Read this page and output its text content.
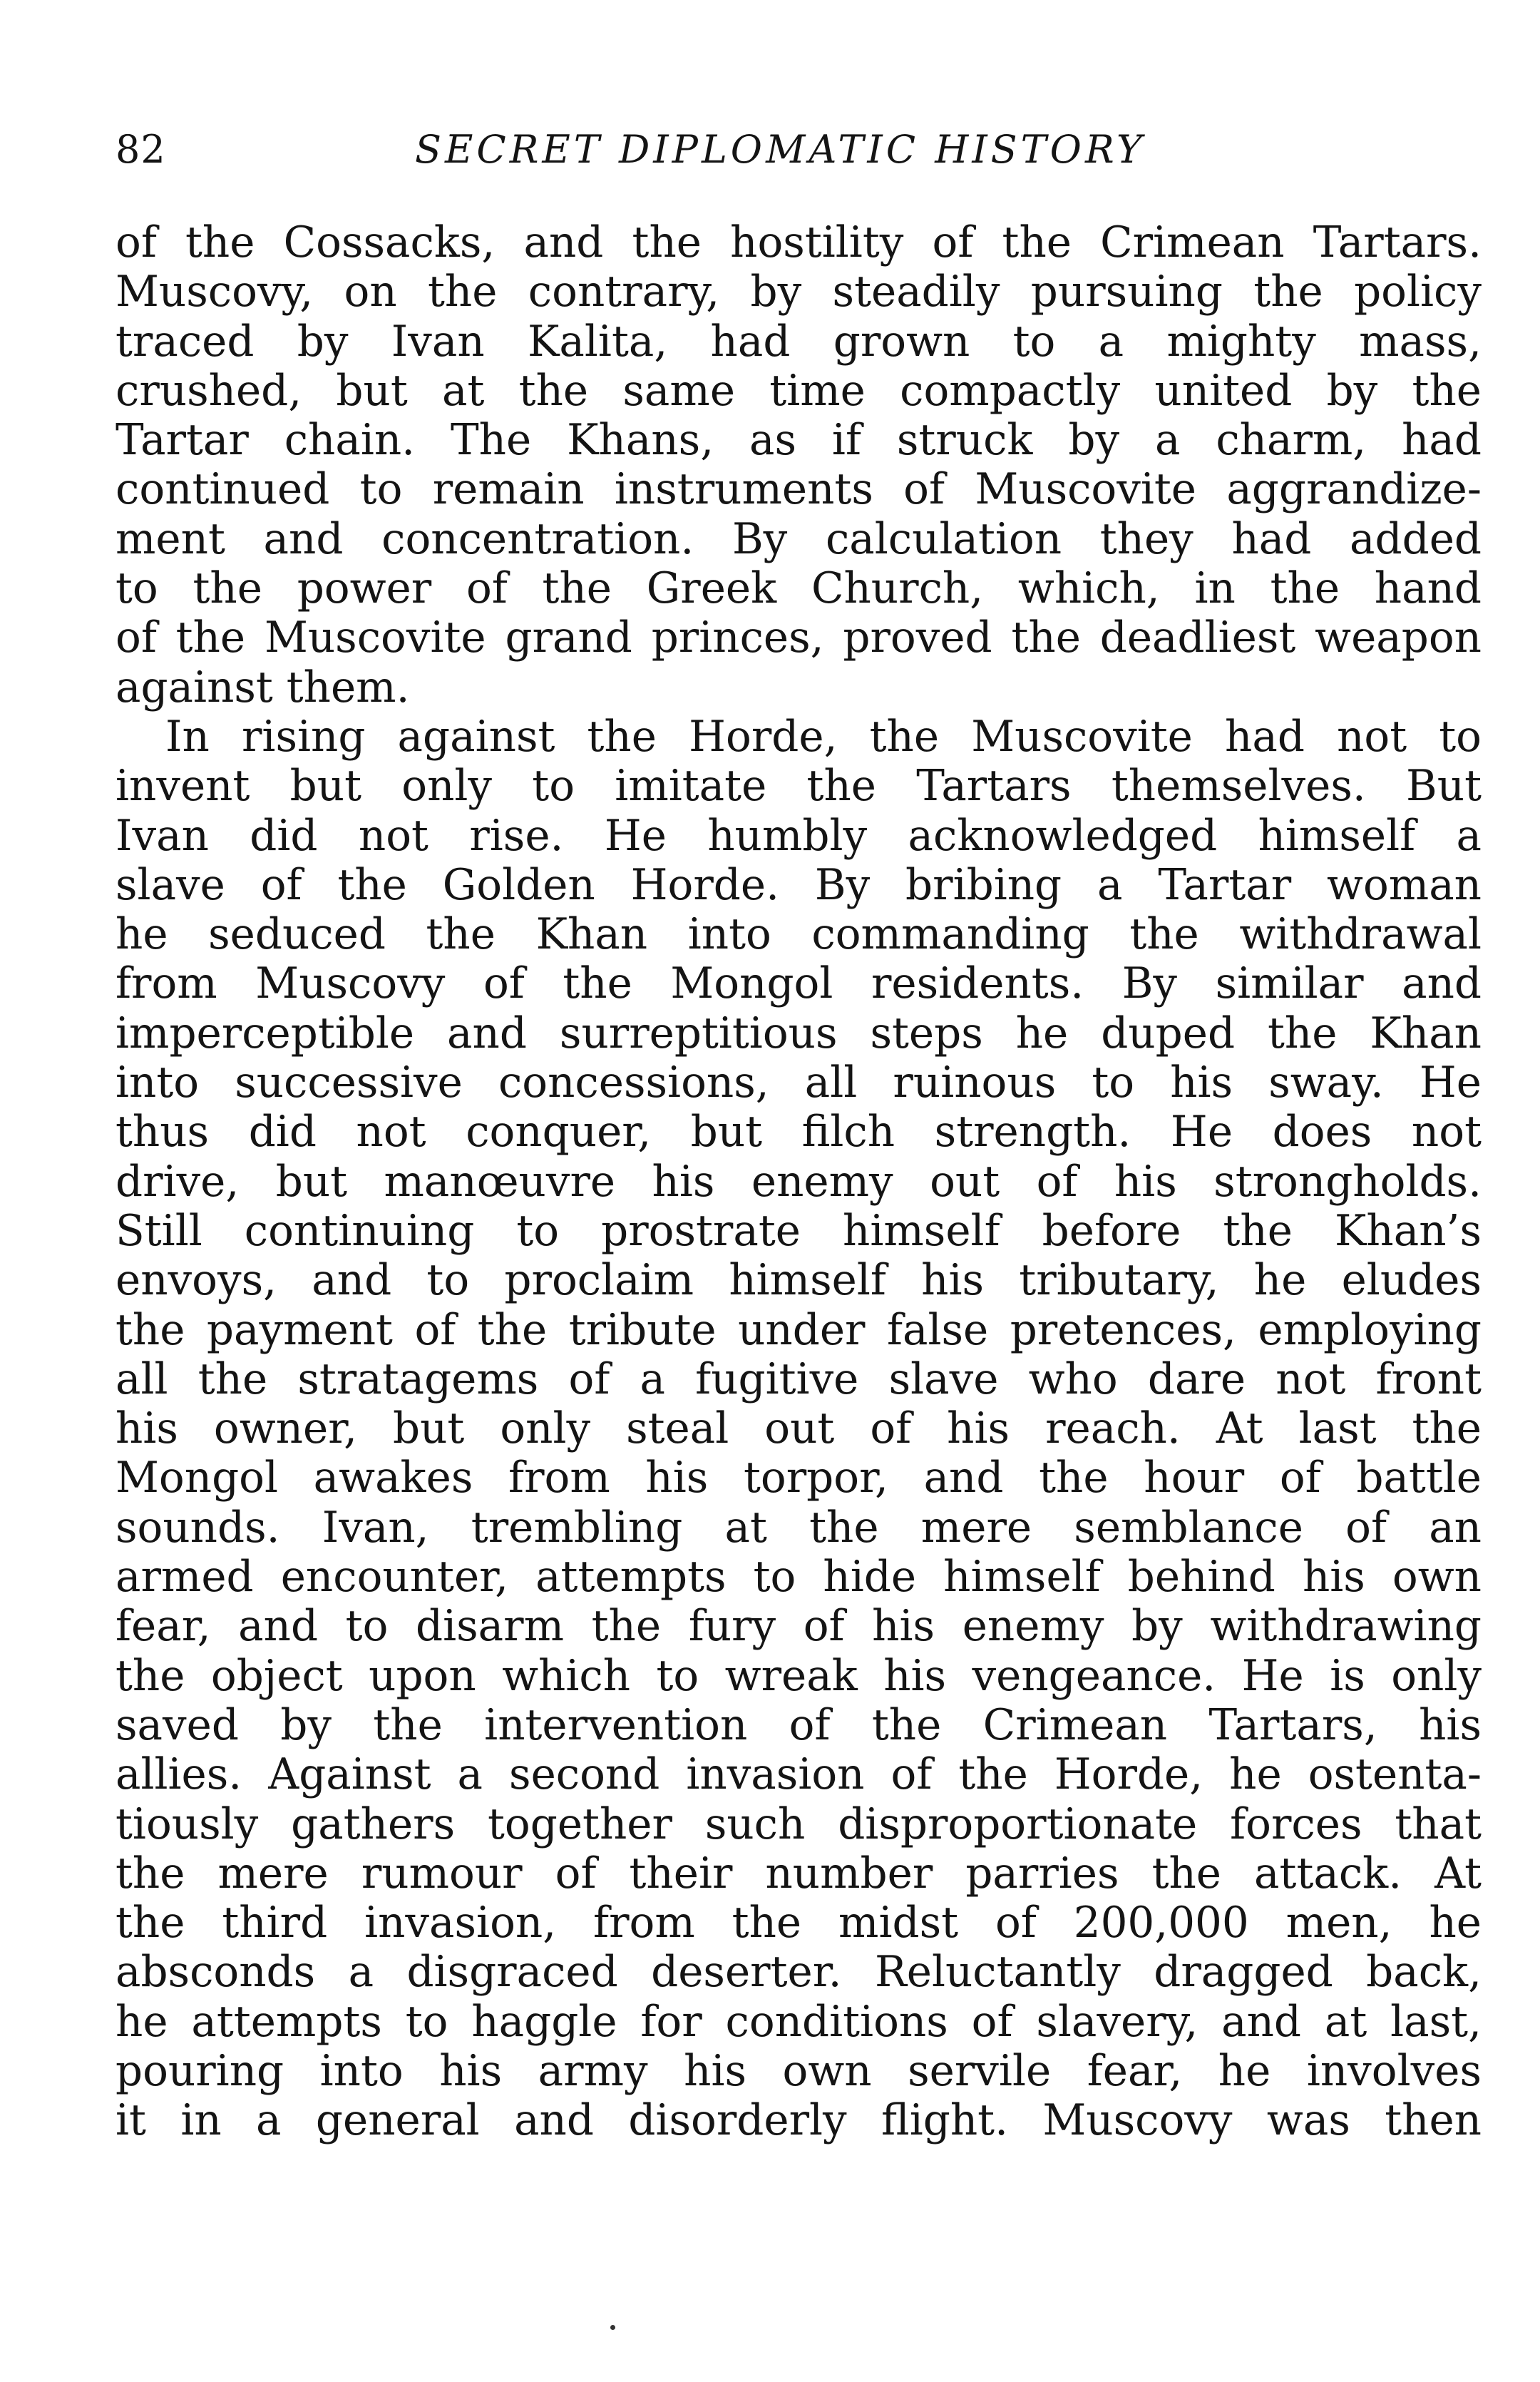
82	SECRET DIPLOMATIC HISTORY
of the Cossacks, and the hostility of the Crimean Tartars.
Muscovy, on the contrary, by steadily pursuing the policy
traced by Ivan Kalita, had grown to a mighty mass,
crushed, but at the same time compactly united by the
Tartar chain. The Khans, as if struck by a charm, had
continued to remain instruments of Muscovite aggrandize-
ment and concentration. By calculation they had added
to the power of the Greek Church, which, in the hand
of the Muscovite grand princes, proved the deadliest weapon
against them.
In rising against the Horde, the Muscovite had not to
invent but only to imitate the Tartars themselves. But
Ivan did not rise. He humbly acknowledged himself a
slave of the Golden Horde. By bribing a Tartar woman
he seduced the Khan into commanding the withdrawal
from Muscovy of the Mongol residents. By similar and
imperceptible and surreptitious steps he duped the Khan
into successive concessions, all ruinous to his sway. He
thus did not conquer, but filch strength. He does not
drive, but manœuvre his enemy out of his strongholds.
Still continuing to prostrate himself before the Khan’s
envoys, and to proclaim himself his tributary, he eludes
the payment of the tribute under false pretences, employing
all the stratagems of a fugitive slave who dare not front
his owner, but only steal out of his reach. At last the
Mongol awakes from his torpor, and the hour of battle
sounds. Ivan, trembling at the mere semblance of an
armed encounter, attempts to hide himself behind his own
fear, and to disarm the fury of his enemy by withdrawing
the object upon which to wreak his vengeance. He is only
saved by the intervention of the Crimean Tartars, his
allies. Against a second invasion of the Horde, he ostenta-
tiously gathers together such disproportionate forces that
the mere rumour of their number parries the attack. At
the third invasion, from the midst of 200,000 men, he
absconds a disgraced deserter. Reluctantly dragged back,
he attempts to haggle for conditions of slavery, and at last,
pouring into his army his own servile fear, he involves
it in a general and disorderly flight. Muscovy was then
